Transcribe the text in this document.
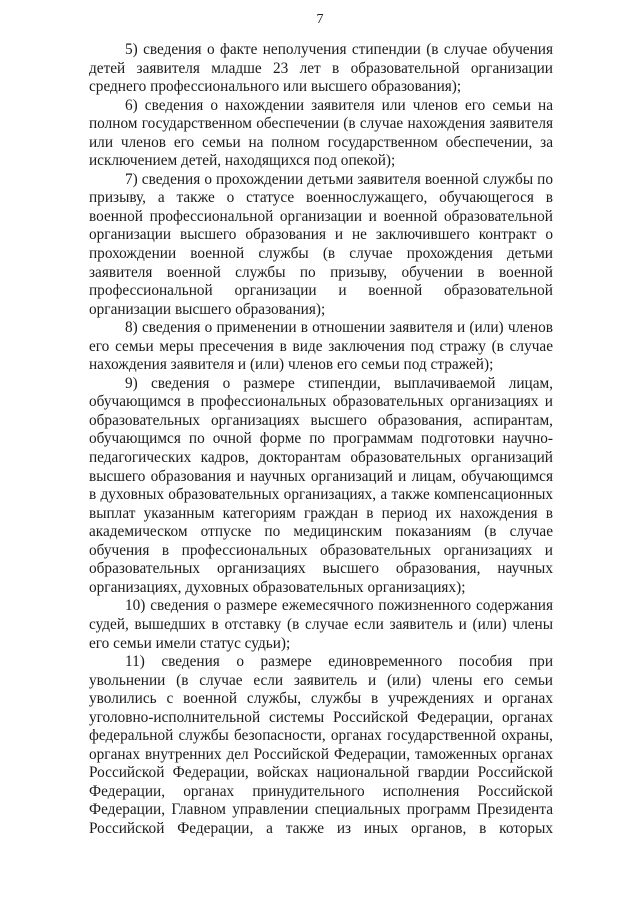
7

5) сведения о факте неполучения стипендии (в случае обучения детей заявителя младше 23 лет в образовательной организации среднего профессионального или высшего образования);

6) сведения о нахождении заявителя или членов его семьи на полном государственном обеспечении (в случае нахождения заявителя или членов его семьи на полном государственном обеспечении, за исключением детей, находящихся под опекой);

7) сведения о прохождении детьми заявителя военной службы по призыву, а также о статусе военнослужащего, обучающегося в военной профессиональной организации и военной образовательной организации высшего образования и не заключившего контракт о прохождении военной службы (в случае прохождения детьми заявителя военной службы по призыву, обучении в военной профессиональной организации и военной образовательной организации высшего образования);

8) сведения о применении в отношении заявителя и (или) членов его семьи меры пресечения в виде заключения под стражу (в случае нахождения заявителя и (или) членов его семьи под стражей);

9) сведения о размере стипендии, выплачиваемой лицам, обучающимся в профессиональных образовательных организациях и образовательных организациях высшего образования, аспирантам, обучающимся по очной форме по программам подготовки научно-педагогических кадров, докторантам образовательных организаций высшего образования и научных организаций и лицам, обучающимся в духовных образовательных организациях, а также компенсационных выплат указанным категориям граждан в период их нахождения в академическом отпуске по медицинским показаниям (в случае обучения в профессиональных образовательных организациях и образовательных организациях высшего образования, научных организациях, духовных образовательных организациях);

10) сведения о размере ежемесячного пожизненного содержания судей, вышедших в отставку (в случае если заявитель и (или) члены его семьи имели статус судьи);

11) сведения о размере единовременного пособия при увольнении (в случае если заявитель и (или) члены его семьи уволились с военной службы, службы в учреждениях и органах уголовно-исполнительной системы Российской Федерации, органах федеральной службы безопасности, органах государственной охраны, органах внутренних дел Российской Федерации, таможенных органах Российской Федерации, войсках национальной гвардии Российской Федерации, органах принудительного исполнения Российской Федерации, Главном управлении специальных программ Президента Российской Федерации, а также из иных органов, в которых
